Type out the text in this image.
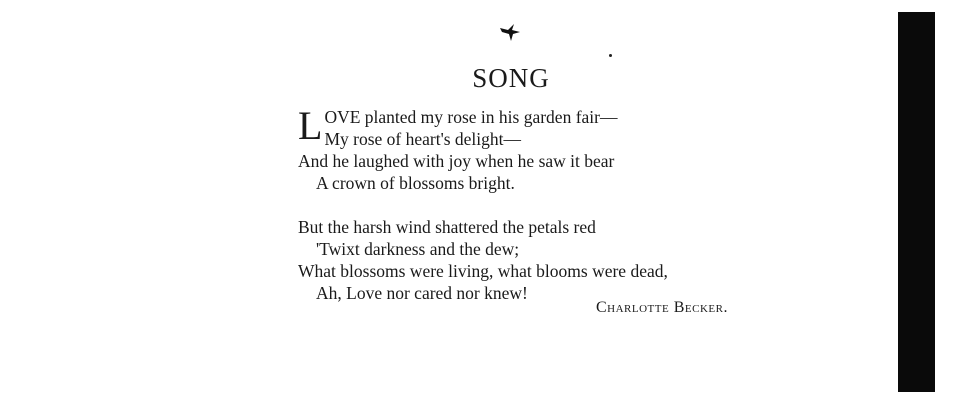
SONG
L OVE planted my rose in his garden fair—
My rose of heart's delight—
And he laughed with joy when he saw it bear
A crown of blossoms bright.
But the harsh wind shattered the petals red
'Twixt darkness and the dew;
What blossoms were living, what blooms were dead,
Ah, Love nor cared nor knew!
Charlotte Becker.
